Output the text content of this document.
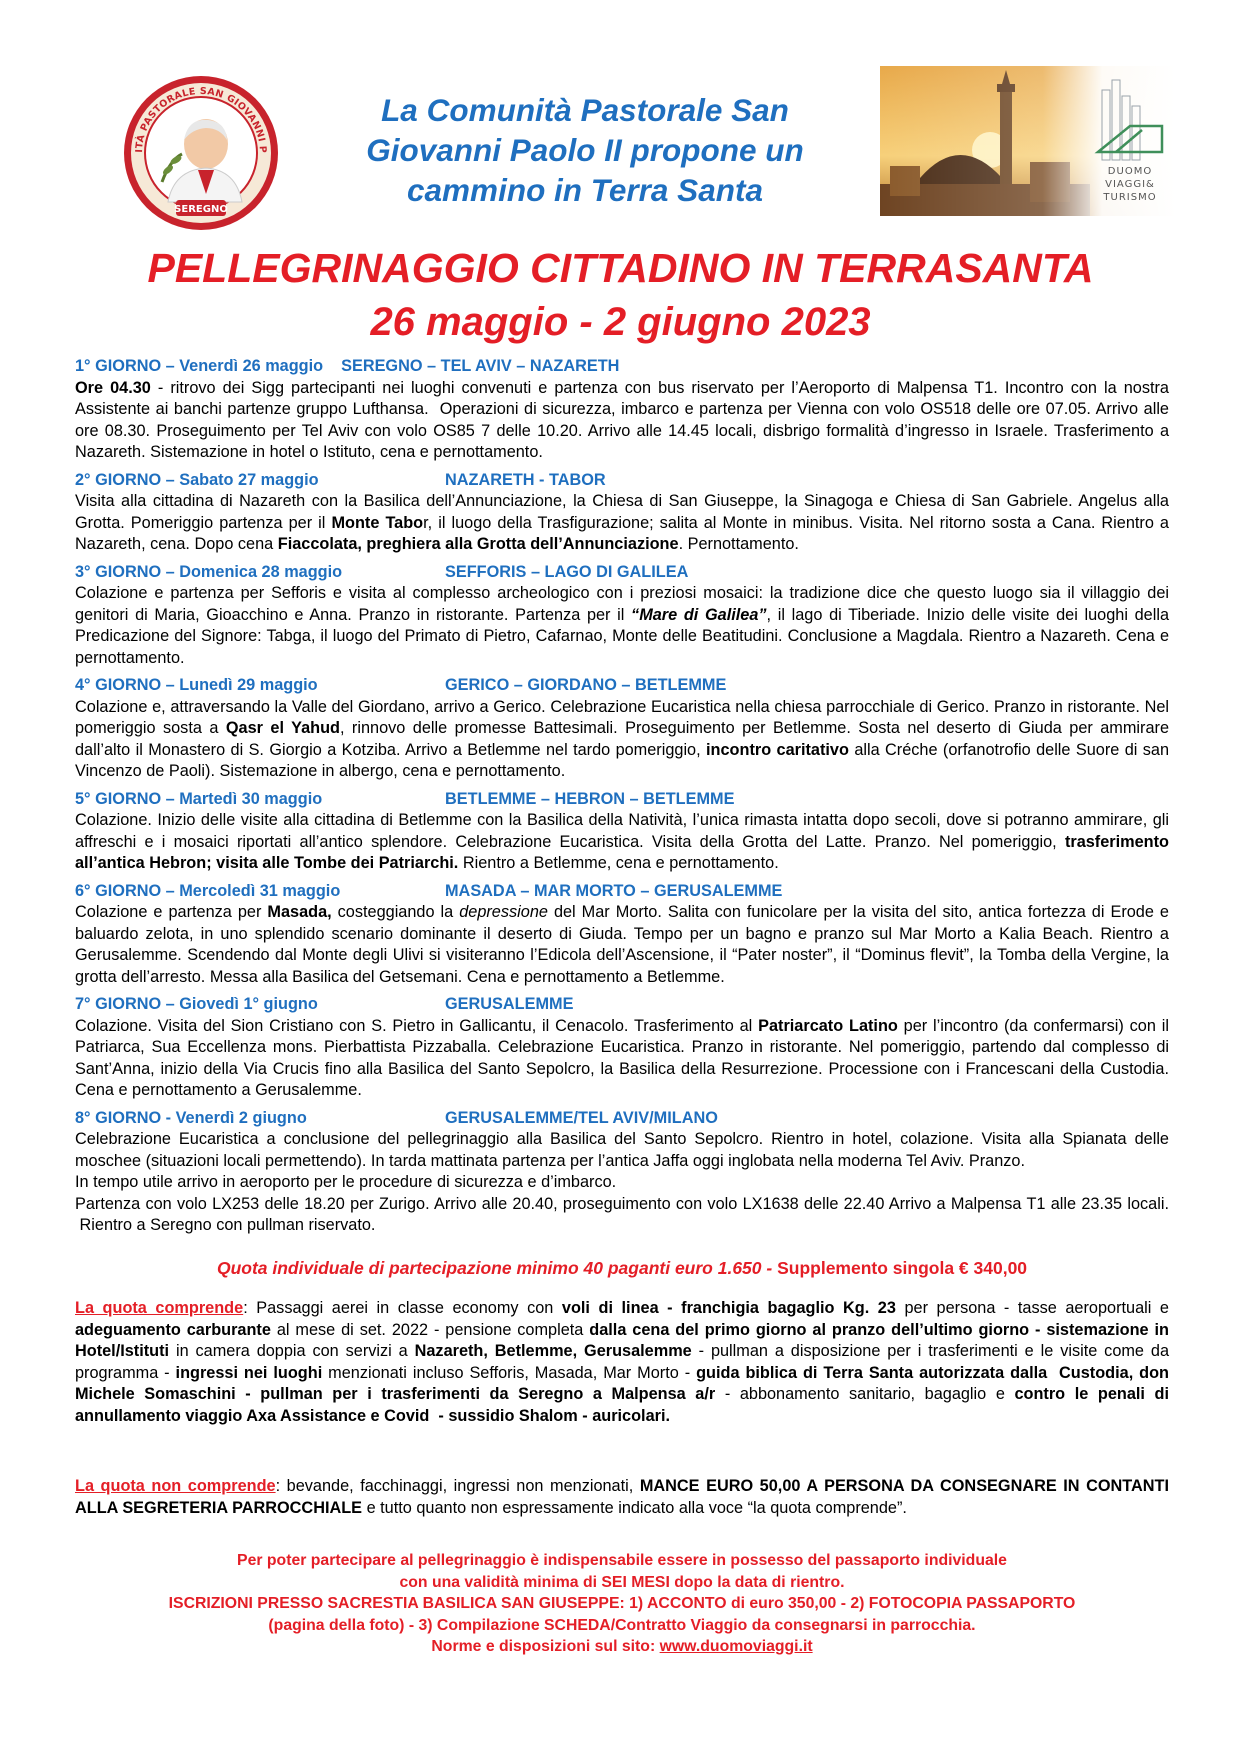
ITÀ PASTORALE SAN GIOVANNI P
SEREGNO
La Comunità Pastorale San
Giovanni Paolo II propone un
cammino in Terra Santa
DUOMO
VIAGGI&
TURISMO
PELLEGRINAGGIO CITTADINO IN TERRASANTA
26 maggio - 2 giugno 2023
1° GIORNO – Venerdì 26 maggio SEREGNO – TEL AVIV – NAZARETH
Ore 04.30 - ritrovo dei Sigg partecipanti nei luoghi convenuti e partenza con bus riservato per l’Aeroporto di Malpensa T1. Incontro con la nostra Assistente ai banchi partenze gruppo Lufthansa.  Operazioni di sicurezza, imbarco e partenza per Vienna con volo OS518 delle ore 07.05. Arrivo alle ore 08.30. Proseguimento per Tel Aviv con volo OS85 7 delle 10.20. Arrivo alle 14.45 locali, disbrigo formalità d’ingresso in Israele. Trasferimento a Nazareth. Sistemazione in hotel o Istituto, cena e pernottamento.
2° GIORNO – Sabato 27 maggio	NAZARETH - TABOR
Visita alla cittadina di Nazareth con la Basilica dell’Annunciazione, la Chiesa di San Giuseppe, la Sinagoga e Chiesa di San Gabriele. Angelus alla Grotta. Pomeriggio partenza per il Monte Tabor, il luogo della Trasfigurazione; salita al Monte in minibus. Visita. Nel ritorno sosta a Cana. Rientro a Nazareth, cena. Dopo cena Fiaccolata, preghiera alla Grotta dell’Annunciazione. Pernottamento.
3° GIORNO – Domenica 28 maggio	SEFFORIS – LAGO DI GALILEA
Colazione e partenza per Sefforis e visita al complesso archeologico con i preziosi mosaici: la tradizione dice che questo luogo sia il villaggio dei genitori di Maria, Gioacchino e Anna. Pranzo in ristorante. Partenza per il “Mare di Galilea”, il lago di Tiberiade. Inizio delle visite dei luoghi della Predicazione del Signore: Tabga, il luogo del Primato di Pietro, Cafarnao, Monte delle Beatitudini. Conclusione a Magdala. Rientro a Nazareth. Cena e pernottamento.
4° GIORNO – Lunedì 29 maggio	GERICO – GIORDANO – BETLEMME
Colazione e, attraversando la Valle del Giordano, arrivo a Gerico. Celebrazione Eucaristica nella chiesa parrocchiale di Gerico. Pranzo in ristorante. Nel pomeriggio sosta a Qasr el Yahud, rinnovo delle promesse Battesimali. Proseguimento per Betlemme. Sosta nel deserto di Giuda per ammirare dall’alto il Monastero di S. Giorgio a Kotziba. Arrivo a Betlemme nel tardo pomeriggio, incontro caritativo alla Créche (orfanotrofio delle Suore di san Vincenzo de Paoli). Sistemazione in albergo, cena e pernottamento.
5° GIORNO – Martedì 30 maggio	BETLEMME – HEBRON – BETLEMME
Colazione. Inizio delle visite alla cittadina di Betlemme con la Basilica della Natività, l’unica rimasta intatta dopo secoli, dove si potranno ammirare, gli affreschi e i mosaici riportati all’antico splendore. Celebrazione Eucaristica. Visita della Grotta del Latte. Pranzo. Nel pomeriggio, trasferimento all’antica Hebron; visita alle Tombe dei Patriarchi. Rientro a Betlemme, cena e pernottamento.
6° GIORNO – Mercoledì 31 maggio	MASADA – MAR MORTO – GERUSALEMME
Colazione e partenza per Masada, costeggiando la depressione del Mar Morto. Salita con funicolare per la visita del sito, antica fortezza di Erode e baluardo zelota, in uno splendido scenario dominante il deserto di Giuda. Tempo per un bagno e pranzo sul Mar Morto a Kalia Beach. Rientro a Gerusalemme. Scendendo dal Monte degli Ulivi si visiteranno l’Edicola dell’Ascensione, il “Pater noster”, il “Dominus flevit”, la Tomba della Vergine, la grotta dell’arresto. Messa alla Basilica del Getsemani. Cena e pernottamento a Betlemme.
7° GIORNO – Giovedì 1° giugno	GERUSALEMME
Colazione. Visita del Sion Cristiano con S. Pietro in Gallicantu, il Cenacolo. Trasferimento al Patriarcato Latino per l’incontro (da confermarsi) con il Patriarca, Sua Eccellenza mons. Pierbattista Pizzaballa. Celebrazione Eucaristica. Pranzo in ristorante. Nel pomeriggio, partendo dal complesso di Sant’Anna, inizio della Via Crucis fino alla Basilica del Santo Sepolcro, la Basilica della Resurrezione. Processione con i Francescani della Custodia. Cena e pernottamento a Gerusalemme.
8° GIORNO - Venerdì 2 giugno	GERUSALEMME/TEL AVIV/MILANO

Celebrazione Eucaristica a conclusione del pellegrinaggio alla Basilica del Santo Sepolcro. Rientro in hotel, colazione. Visita alla Spianata delle moschee (situazioni locali permettendo). In tarda mattinata partenza per l’antica Jaffa oggi inglobata nella moderna Tel Aviv. Pranzo.

In tempo utile arrivo in aeroporto per le procedure di sicurezza e d’imbarco.

Partenza con volo LX253 delle 18.20 per Zurigo. Arrivo alle 20.40, proseguimento con volo LX1638 delle 22.40 Arrivo a Malpensa T1 alle 23.35 locali.  Rientro a Seregno con pullman riservato.

Quota individuale di partecipazione minimo 40 paganti euro 1.650 - Supplemento singola € 340,00
La quota comprende: Passaggi aerei in classe economy con voli di linea - franchigia bagaglio Kg. 23 per persona - tasse aeroportuali e adeguamento carburante al mese di set. 2022 - pensione completa dalla cena del primo giorno al pranzo dell’ultimo giorno - sistemazione in Hotel/Istituti in camera doppia con servizi a Nazareth, Betlemme, Gerusalemme - pullman a disposizione per i trasferimenti e le visite come da programma - ingressi nei luoghi menzionati incluso Sefforis, Masada, Mar Morto - guida biblica di Terra Santa autorizzata dalla  Custodia, don Michele Somaschini - pullman per i trasferimenti da Seregno a Malpensa a/r - abbonamento sanitario, bagaglio e contro le penali di annullamento viaggio Axa Assistance e Covid  - sussidio Shalom - auricolari.
La quota non comprende: bevande, facchinaggi, ingressi non menzionati, MANCE EURO 50,00 A PERSONA DA CONSEGNARE IN CONTANTI ALLA SEGRETERIA PARROCCHIALE e tutto quanto non espressamente indicato alla voce “la quota comprende”.
Per poter partecipare al pellegrinaggio è indispensabile essere in possesso del passaporto individuale
con una validità minima di SEI MESI dopo la data di rientro.
ISCRIZIONI PRESSO SACRESTIA BASILICA SAN GIUSEPPE: 1) ACCONTO di euro 350,00 - 2) FOTOCOPIA PASSAPORTO
(pagina della foto) - 3) Compilazione SCHEDA/Contratto Viaggio da consegnarsi in parrocchia.
Norme e disposizioni sul sito: www.duomoviaggi.it
